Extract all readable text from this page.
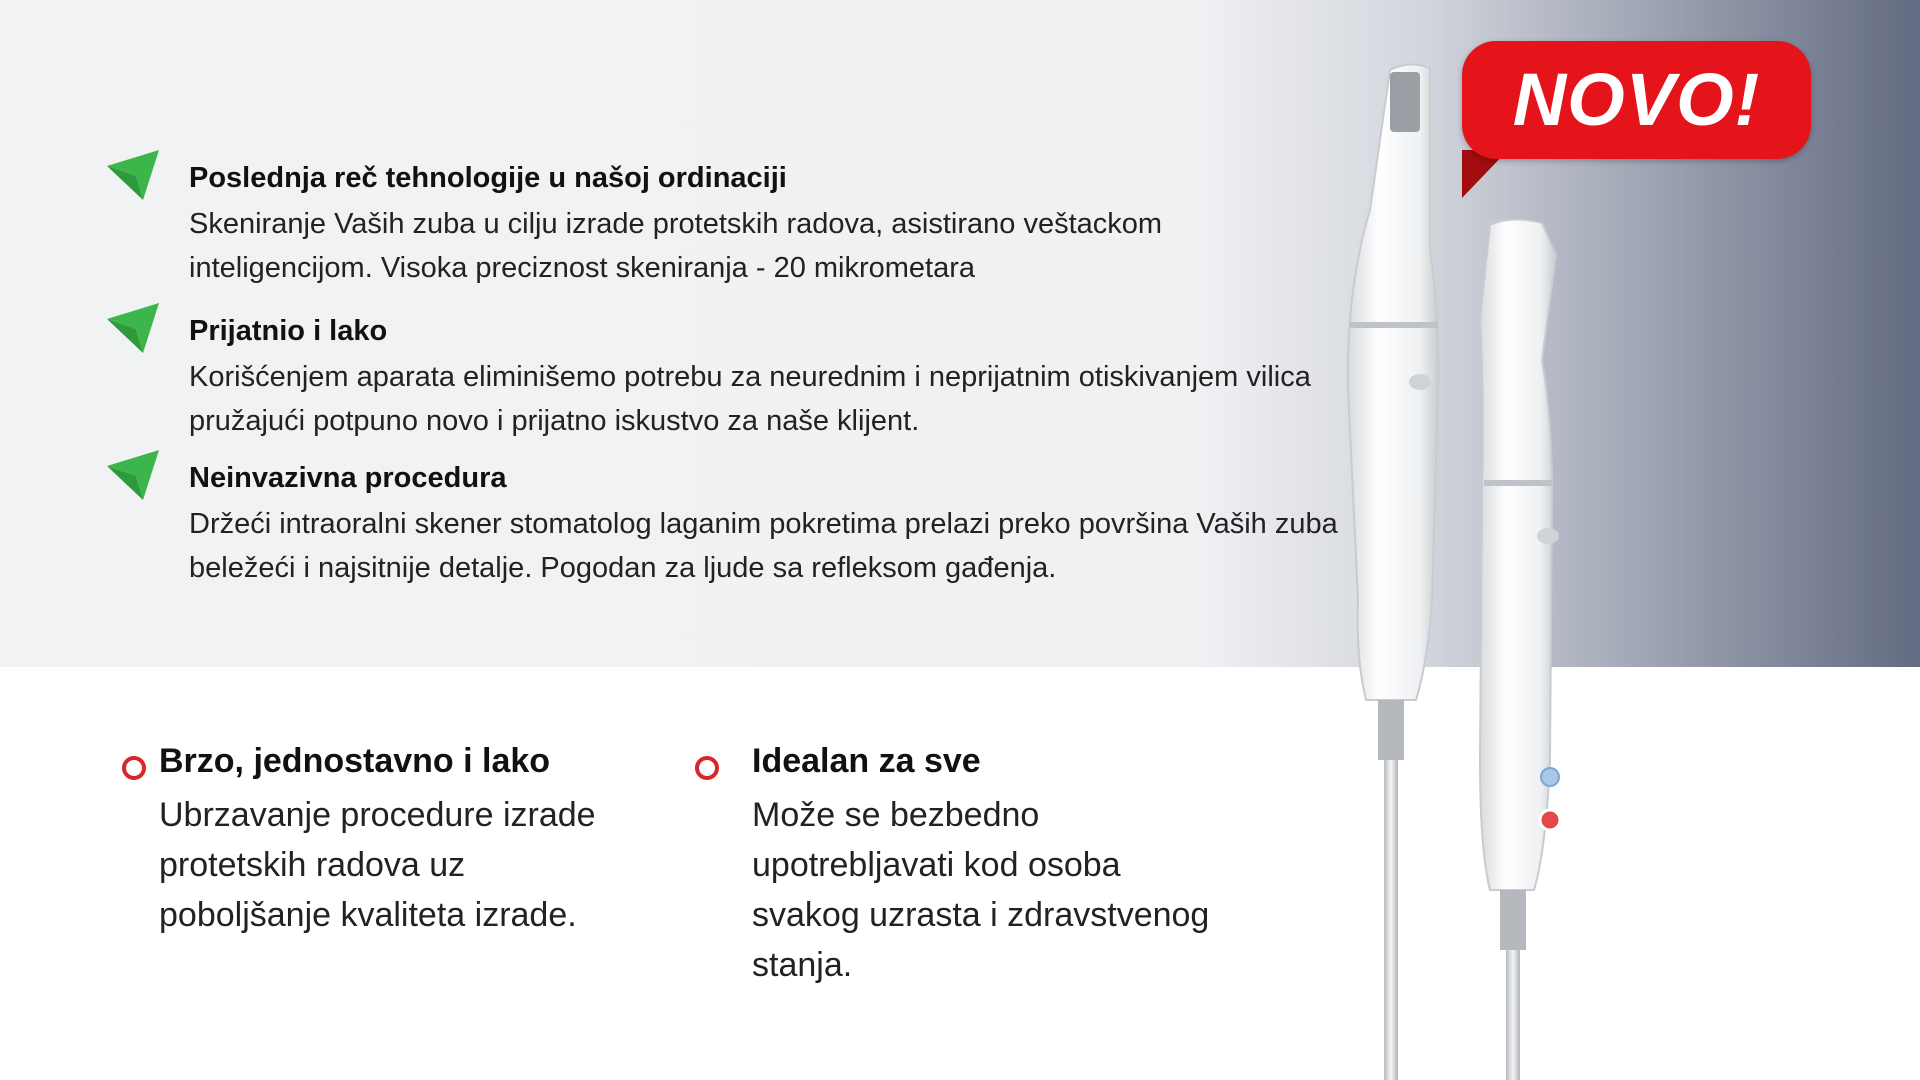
Poslednja reč tehnologije u našoj ordinaciji
Skeniranje Vaših zuba u cilju izrade protetskih radova, asistirano veštackom inteligencijom. Visoka preciznost skeniranja - 20 mikrometara
Prijatnio i lako
Korišćenjem aparata eliminišemo potrebu za neurednim i neprijatnim otiskivanjem vilica pružajući potpuno novo i prijatno iskustvo za naše klijent.
Neinvazivna procedura
Držeći intraoralni skener stomatolog laganim pokretima prelazi preko površina Vaših zuba beležeći i najsitnije detalje. Pogodan za ljude sa refleksom gađenja.
Brzo, jednostavno i lako
Ubrzavanje procedure izrade protetskih radova uz poboljšanje kvaliteta izrade.
Idealan za sve
Može se bezbedno upotrebljavati kod osoba svakog uzrasta i zdravstvenog stanja.
NOVO!
